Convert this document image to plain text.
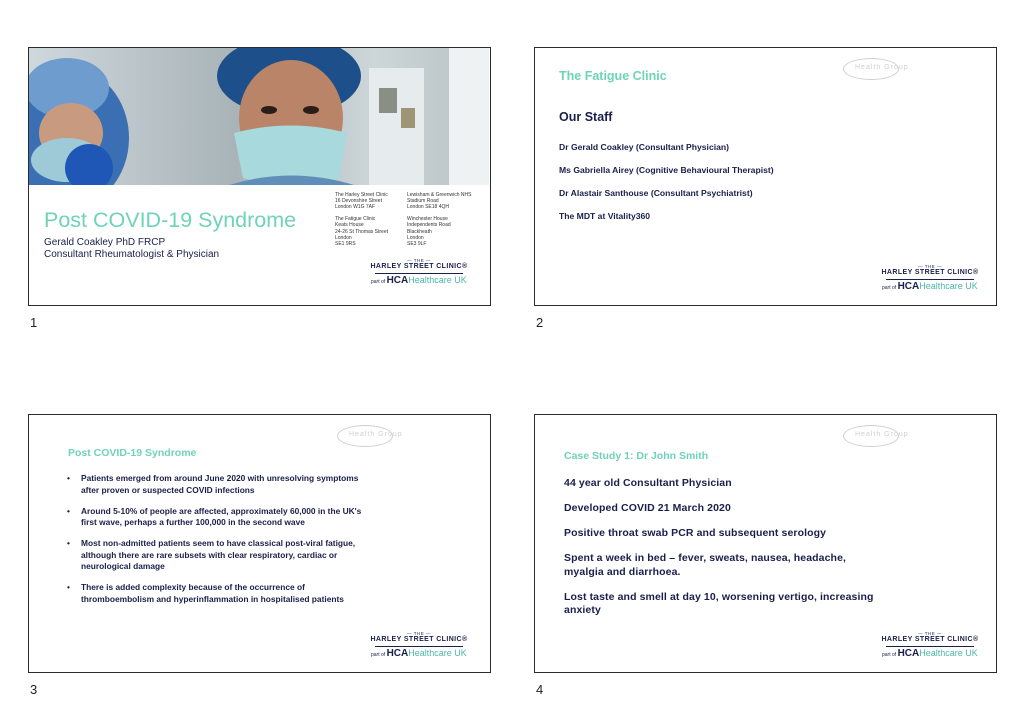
Post COVID-19 Syndrome
Gerald Coakley PhD FRCP
Consultant Rheumatologist & Physician

The Harley Street Clinic
16 Devonshire Street
London W1G 7AF

The Fatigue Clinic
Keats House
24-26 St Thomas Street
London
SE1 9RS

Lewisham & Greenwich NHS
Stadium Road
London SE18 4QH

Winchester House
Independents Road
Blackheath
London
SE3 9LF

— THE —
HARLEY STREET CLINIC®
part of HCAHealthcare UK
1
Health Group
The Fatigue Clinic
Our Staff
Dr Gerald Coakley (Consultant Physician)
Ms Gabriella Airey (Cognitive Behavioural Therapist)
Dr Alastair Santhouse (Consultant Psychiatrist)
The MDT at Vitality360
— THE —
HARLEY STREET CLINIC®
part of HCAHealthcare UK
2
Health Group
Post COVID-19 Syndrome
• Patients emerged from around June 2020 with unresolving symptoms after proven or suspected COVID infections
• Around 5-10% of people are affected, approximately 60,000 in the UK's first wave, perhaps a further 100,000 in the second wave
• Most non-admitted patients seem to have classical post-viral fatigue, although there are rare subsets with clear respiratory, cardiac or neurological damage
• There is added complexity because of the occurrence of thromboembolism and hyperinflammation in hospitalised patients
— THE —
HARLEY STREET CLINIC®
part of HCAHealthcare UK
3
Health Group
Case Study 1: Dr John Smith
44 year old Consultant Physician
Developed COVID 21 March 2020
Positive throat swab PCR and subsequent serology
Spent a week in bed – fever, sweats, nausea, headache, myalgia and diarrhoea.
Lost taste and smell at day 10, worsening vertigo, increasing anxiety
— THE —
HARLEY STREET CLINIC®
part of HCAHealthcare UK
4
